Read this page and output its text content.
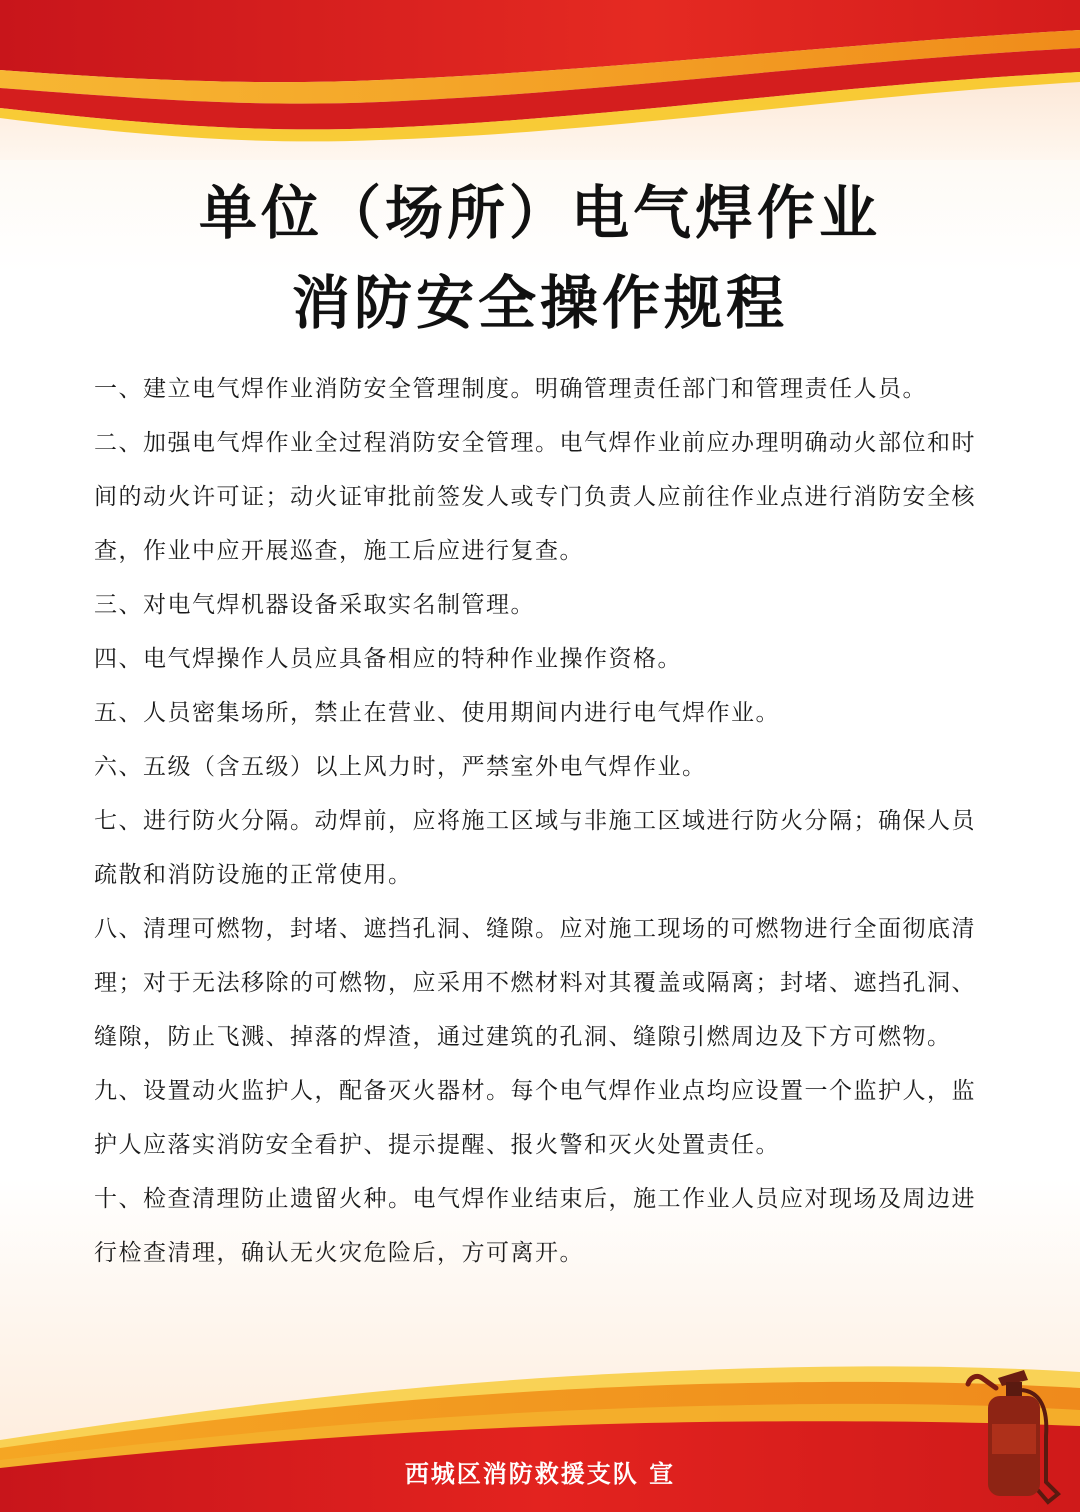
单位（场所）电气焊作业
消防安全操作规程
一、建立电气焊作业消防安全管理制度。明确管理责任部门和管理责任人员。
二、加强电气焊作业全过程消防安全管理。电气焊作业前应办理明确动火部位和时间的动火许可证；动火证审批前签发人或专门负责人应前往作业点进行消防安全核查，作业中应开展巡查，施工后应进行复查。
三、对电气焊机器设备采取实名制管理。
四、电气焊操作人员应具备相应的特种作业操作资格。
五、人员密集场所，禁止在营业、使用期间内进行电气焊作业。
六、五级（含五级）以上风力时，严禁室外电气焊作业。
七、进行防火分隔。动焊前，应将施工区域与非施工区域进行防火分隔；确保人员疏散和消防设施的正常使用。
八、清理可燃物，封堵、遮挡孔洞、缝隙。应对施工现场的可燃物进行全面彻底清理；对于无法移除的可燃物，应采用不燃材料对其覆盖或隔离；封堵、遮挡孔洞、缝隙，防止飞溅、掉落的焊渣，通过建筑的孔洞、缝隙引燃周边及下方可燃物。
九、设置动火监护人，配备灭火器材。每个电气焊作业点均应设置一个监护人，监护人应落实消防安全看护、提示提醒、报火警和灭火处置责任。
十、检查清理防止遗留火种。电气焊作业结束后，施工作业人员应对现场及周边进行检查清理，确认无火灾危险后，方可离开。

西城区消防救援支队 宣
